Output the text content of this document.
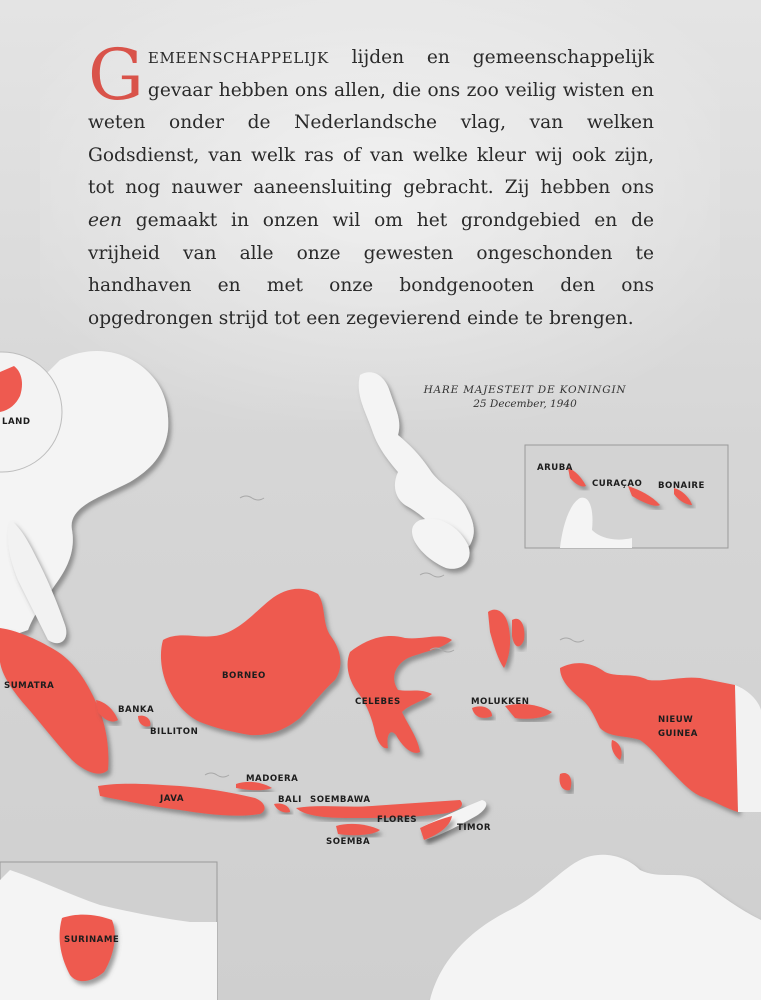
LAND
SUMATRA
BORNEO
BANKA
BILLITON
CELEBES	MOLUKKEN
NIEUW
GUINEA
JAVA
MADOERA
BALI SOEMBAWA
FLORES
SOEMBA
TIMOR
ARUBA
CURAÇAO BONAIRE
SURINAME
GEMEENSCHAPPELIJK lijden en gemeenschappelijk gevaar hebben ons allen, die ons zoo veilig wisten en weten onder de Nederlandsche vlag, van welken Godsdienst, van welk ras of van welke kleur wij ook zijn, tot nog nauwer aaneensluiting gebracht. Zij hebben ons een gemaakt in onzen wil om het grondgebied en de vrijheid van alle onze gewesten ongeschonden te handhaven en met onze bondgenooten den ons opgedrongen strijd tot een zegevierend einde te brengen.
HARE MAJESTEIT DE KONINGIN
25 December, 1940
